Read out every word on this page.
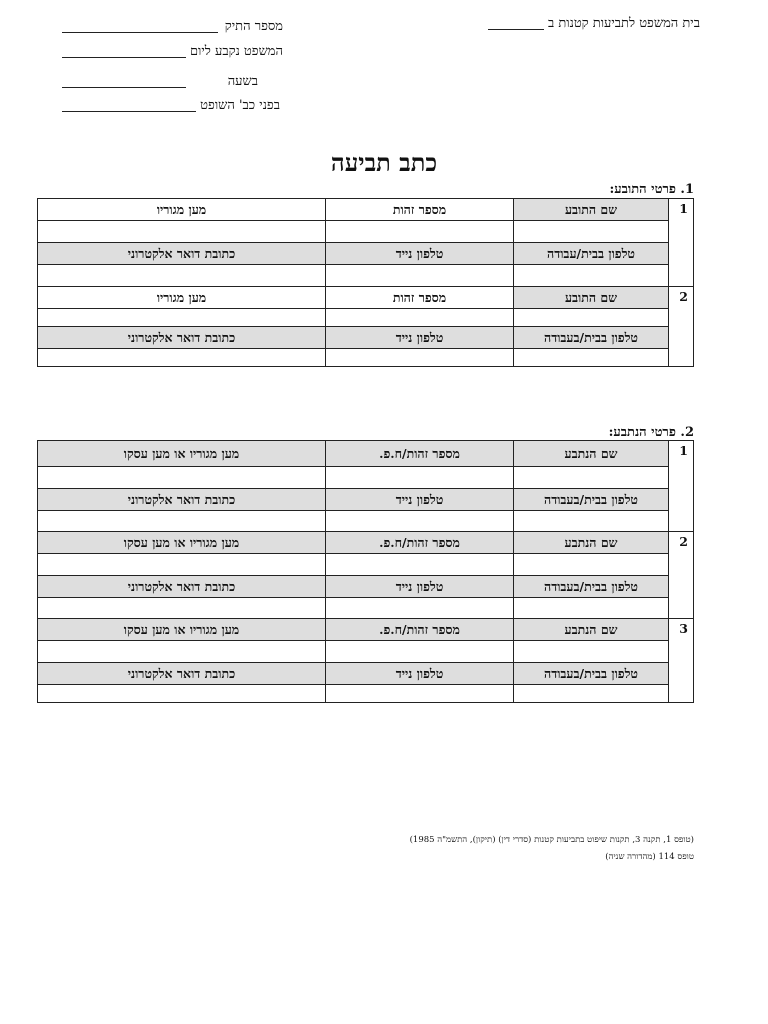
בית המשפט לתביעות קטנות ב
מספר התיק
המשפט נקבע ליום
בשעה
בפני כב' השופט
כתב תביעה
1. פרטי התובע:
1	שם התובע	מספר זהות	מען מגוריו

	טלפון בבית/עבודה	טלפון נייד	כתובת דואר אלקטרוני

2	שם התובע	מספר זהות	מען מגוריו

	טלפון בבית/בעבודה	טלפון נייד	כתובת דואר אלקטרוני

2. פרטי הנתבע:
1	שם הנתבע	מספר זהות/ח.פ.	מען מגוריו או מען עסקו

	טלפון בבית/בעבודה	טלפון נייד	כתובת דואר אלקטרוני

2	שם הנתבע	מספר זהות/ח.פ.	מען מגוריו או מען עסקו

	טלפון בבית/בעבודה	טלפון נייד	כתובת דואר אלקטרוני

3	שם הנתבע	מספר זהות/ח.פ.	מען מגוריו או מען עסקו

	טלפון בבית/בעבודה	טלפון נייד	כתובת דואר אלקטרוני

(טופס 1, תקנה 3, תקנות שיפוט בתביעות קטנות (סדרי דין) (תיקון), התשמ"ה 1985)
טופס 114 (מהדורה שניה)
